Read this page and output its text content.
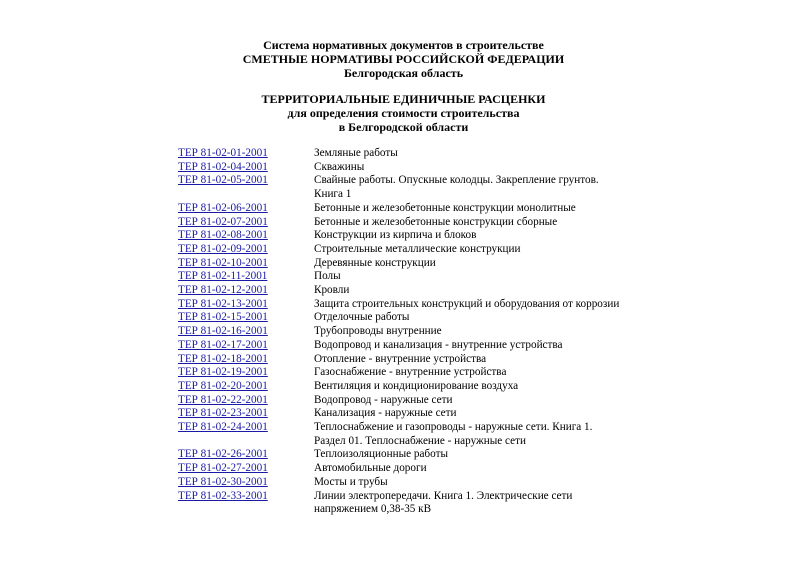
Система нормативных документов в строительстве
СМЕТНЫЕ НОРМАТИВЫ РОССИЙСКОЙ ФЕДЕРАЦИИ
Белгородская область
ТЕРРИТОРИАЛЬНЫЕ ЕДИНИЧНЫЕ РАСЦЕНКИ
для определения стоимости строительства
в Белгородской области
ТЕР 81-02-01-2001	Земляные работы
ТЕР 81-02-04-2001	Скважины
ТЕР 81-02-05-2001	Свайные работы. Опускные колодцы. Закрепление грунтов.
Книга 1
ТЕР 81-02-06-2001	Бетонные и железобетонные конструкции монолитные
ТЕР 81-02-07-2001	Бетонные и железобетонные конструкции сборные
ТЕР 81-02-08-2001	Конструкции из кирпича и блоков
ТЕР 81-02-09-2001	Строительные металлические конструкции
ТЕР 81-02-10-2001	Деревянные конструкции
ТЕР 81-02-11-2001	Полы
ТЕР 81-02-12-2001	Кровли
ТЕР 81-02-13-2001	Защита строительных конструкций и оборудования от коррозии
ТЕР 81-02-15-2001	Отделочные работы
ТЕР 81-02-16-2001	Трубопроводы внутренние
ТЕР 81-02-17-2001	Водопровод и канализация - внутренние устройства
ТЕР 81-02-18-2001	Отопление - внутренние устройства
ТЕР 81-02-19-2001	Газоснабжение - внутренние устройства
ТЕР 81-02-20-2001	Вентиляция и кондиционирование воздуха
ТЕР 81-02-22-2001	Водопровод - наружные сети
ТЕР 81-02-23-2001	Канализация - наружные сети
ТЕР 81-02-24-2001	Теплоснабжение и газопроводы - наружные сети. Книга 1.
Раздел 01. Теплоснабжение - наружные сети
ТЕР 81-02-26-2001	Теплоизоляционные работы
ТЕР 81-02-27-2001	Автомобильные дороги
ТЕР 81-02-30-2001	Мосты и трубы
ТЕР 81-02-33-2001	Линии электропередачи. Книга 1. Электрические сети
напряжением 0,38-35 кВ
